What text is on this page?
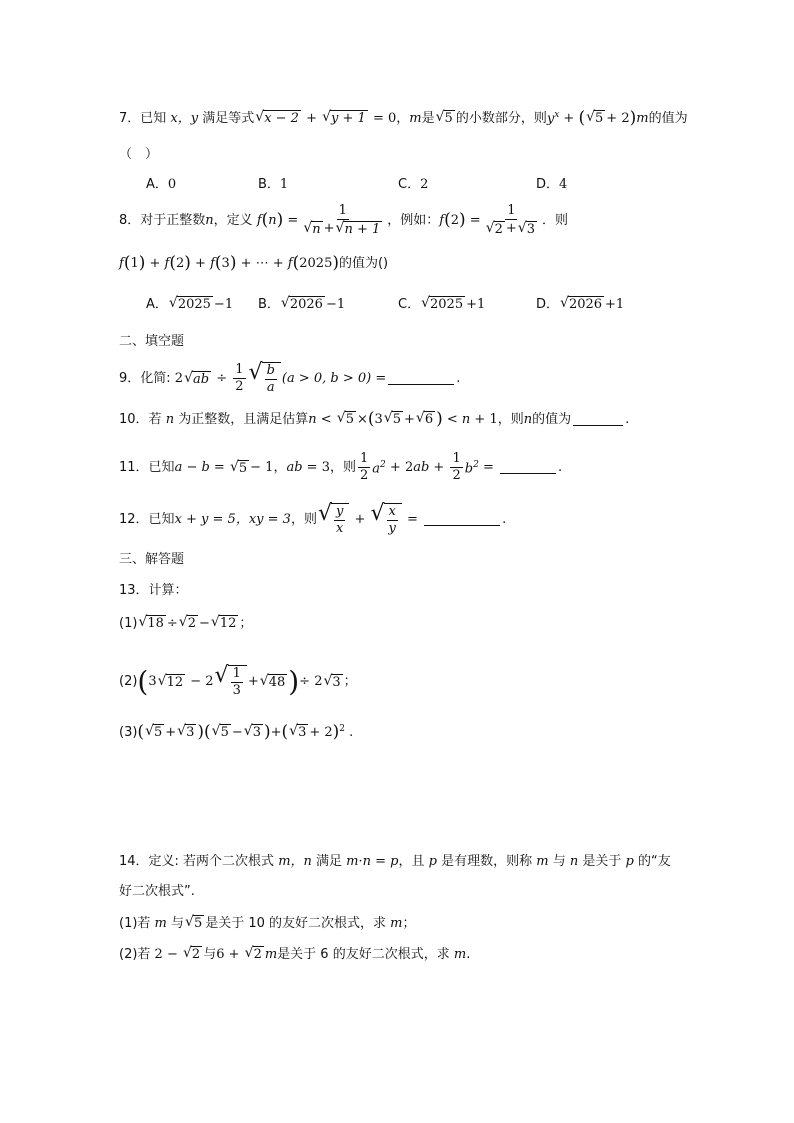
7． 已知 x，y 满足等式 √ x − 2 + √ y + 1 = 0 ， m 是 √ 5 的小数部分，则 $y^x$ + ( √ 5 + 2 ) m 的值为
（　）
A． 0	B． 1	C． 2	D． 4
8． 对于正整数 n ，定义 f ( n ) = $\frac{1}{√ n + √ n + 1}$ ，例如： f ( 2 ) = $\frac{1}{√ 2 + √ 3}$ ．则
f ( 1 ) + f ( 2 ) + f ( 3 ) + ⋯ + f ( 2025 ) 的值为()
A． √ 2025 −1 B． √ 2026 −1	C． √ 2025 +1	D． √ 2026 +1
二、填空题
9． 化简: 2 √ ab ÷ $\frac{1}{2}$ √ $\frac{b}{a} (a > 0$, b > 0) =	.
10． 若 n 为正整数，且满足估算 n < √ 5 × ( 3 √ 5 + √ 6 ) < n + 1 ，则 n 的值为	.
11． 已知 a − b = √ 5 − 1 ， ab = 3 ，则 $\frac{1}{2} a^2 + 2$ ab + $\frac{1}{2} b^2$ =	.
12． 已知 x + y = 5，xy = 3 ，则 √ $\frac{y}{x}$ + √ $\frac{x}{y}$ =	.
三、解答题
13． 计算：
(1) √ 18 ÷ √ 2 − √ 12 ；
(2) ( 3 √ 12 − 2 √ $\frac{1}{3}$ + √ 48 ) ÷ 2 √ 3 ；
(3) ( √ 5 + √ 3 ) ( √ 5 − √ 3 ) + ( √ 3 + 2 ) $^2$ .
14． 定义: 若两个二次根式 m，n 满足 m·n = p ，且 p 是有理数，则称 m 与 n 是关于 p 的“友
好二次根式”.
(1)若 m 与 √ 5 是关于 10 的友好二次根式，求 m ；
(2)若 2 − √ 2 与 6 + √ 2 m 是关于 6 的友好二次根式，求 m .
